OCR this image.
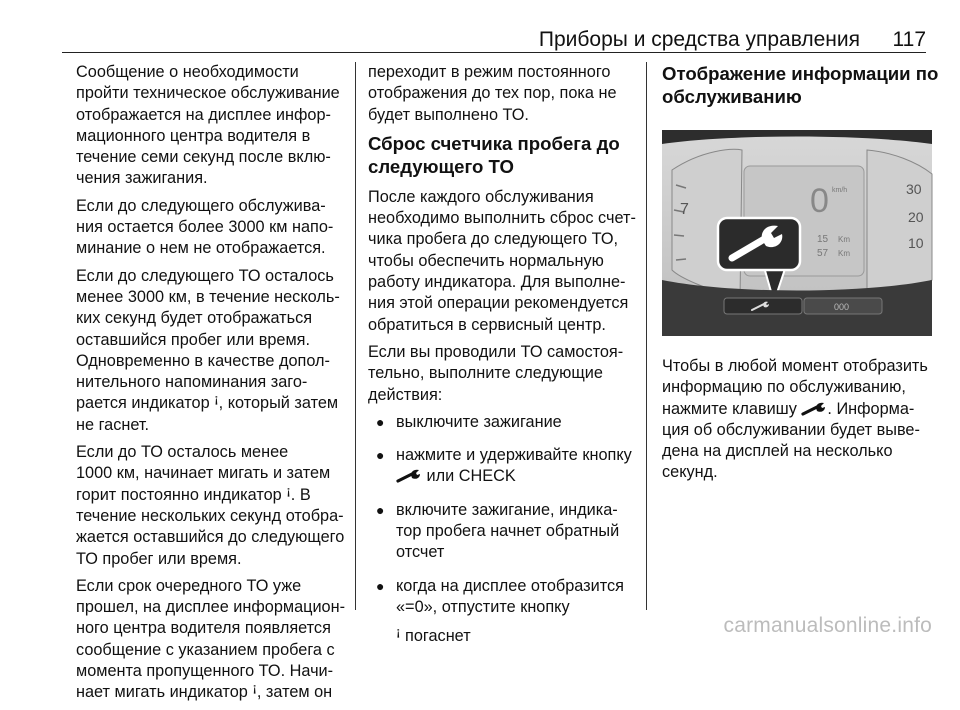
Приборы и средства управления 117
Сообщение о необходимости
пройти техническое обслуживание
отображается на дисплее инфор-
мационного центра водителя в
течение семи секунд после вклю-
чения зажигания.
Если до следующего обслужива-
ния остается более 3000 км напо-
минание о нем не отображается.
Если до следующего ТО осталось
менее 3000 км, в течение несколь-
ких секунд будет отображаться
оставшийся пробег или время.
Одновременно в качестве допол-
нительного напоминания заго-
рается индикатор ꜟ, который затем
не гаснет.
Если до ТО осталось менее
1000 км, начинает мигать и затем
горит постоянно индикатор ꜟ. В
течение нескольких секунд отобра-
жается оставшийся до следующего
ТО пробег или время.
Если срок очередного ТО уже
прошел, на дисплее информацион-
ного центра водителя появляется
сообщение с указанием пробега с
момента пропущенного ТО. Начи-
нает мигать индикатор ꜟ, затем он
переходит в режим постоянного
отображения до тех пор, пока не
будет выполнено ТО.
Сброс счетчика пробега до
следующего ТО
После каждого обслуживания
необходимо выполнить сброс счет-
чика пробега до следующего ТО,
чтобы обеспечить нормальную
работу индикатора. Для выполне-
ния этой операции рекомендуется
обратиться в сервисный центр.
Если вы проводили ТО самостоя-
тельно, выполните следующие
действия:
● выключите зажигание
● нажмите и удерживайте кнопку
или CHECK
● включите зажигание, индика-
тор пробега начнет обратный
отсчет
● когда на дисплее отобразится
«=0», отпустите кнопку
ꜟ погаснет
Отображение информации по
обслуживанию
7
30
20
10
0 km/h
15 Km
57 Km
000
Чтобы в любой момент отобразить
информацию по обслуживанию,
нажмите клавишу . Информа-
ция об обслуживании будет выве-
дена на дисплей на несколько
секунд.
carmanualsonline.info
